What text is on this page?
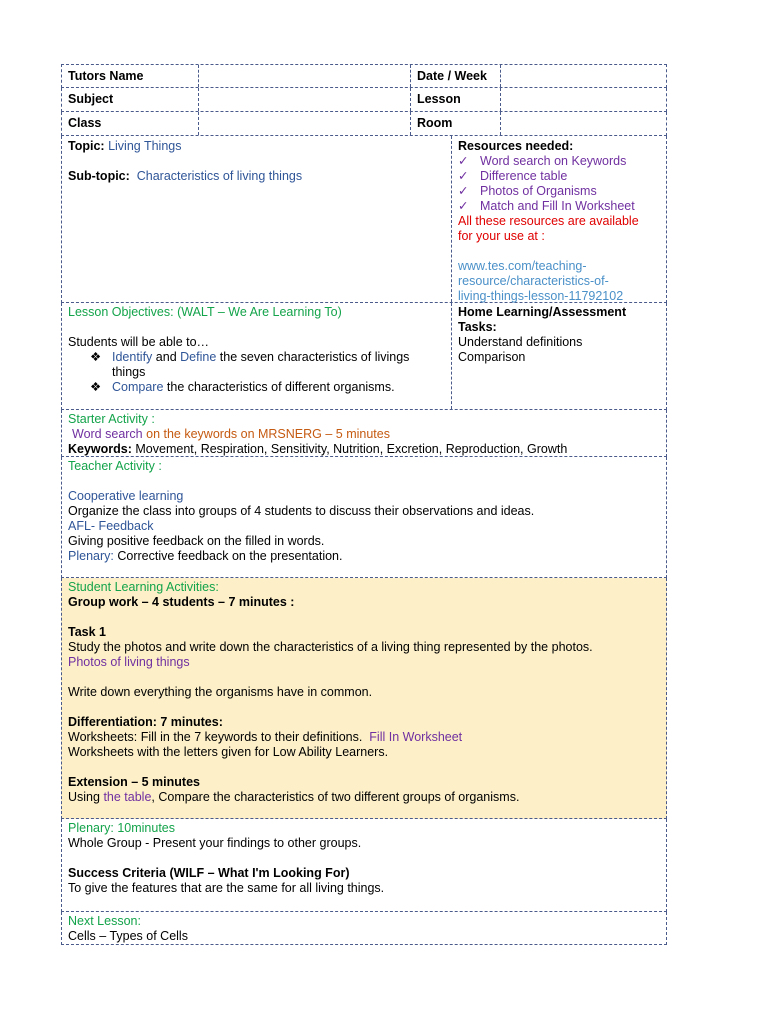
Tutors Name	Date / Week
Subject	Lesson
Class	Room
Topic: Living Things
Sub-topic: Characteristics of living things
Resources needed:
✓ Word search on Keywords
✓ Difference table
✓ Photos of Organisms
✓ Match and Fill In Worksheet
All these resources are available
for your use at :
www.tes.com/teaching-
resource/characteristics-of-
living-things-lesson-11792102
Lesson Objectives: (WALT – We Are Learning To)
Students will be able to…
❖ Identify and Define the seven characteristics of livings
things
❖ Compare the characteristics of different organisms.
Home Learning/Assessment
Tasks:
Understand definitions
Comparison
Starter Activity :
Word search on the keywords on MRSNERG – 5 minutes
Keywords: Movement, Respiration, Sensitivity, Nutrition, Excretion, Reproduction, Growth
Teacher Activity :
Cooperative learning
Organize the class into groups of 4 students to discuss their observations and ideas.
AFL- Feedback
Giving positive feedback on the filled in words.
Plenary: Corrective feedback on the presentation.
Student Learning Activities:
Group work – 4 students – 7 minutes :
Task 1
Study the photos and write down the characteristics of a living thing represented by the photos.
Photos of living things
Write down everything the organisms have in common.
Differentiation: 7 minutes:
Worksheets: Fill in the 7 keywords to their definitions. Fill In Worksheet
Worksheets with the letters given for Low Ability Learners.
Extension – 5 minutes
Using the table, Compare the characteristics of two different groups of organisms.
Plenary: 10minutes
Whole Group - Present your findings to other groups.
Success Criteria (WILF – What I'm Looking For)
To give the features that are the same for all living things.
Next Lesson:
Cells – Types of Cells
